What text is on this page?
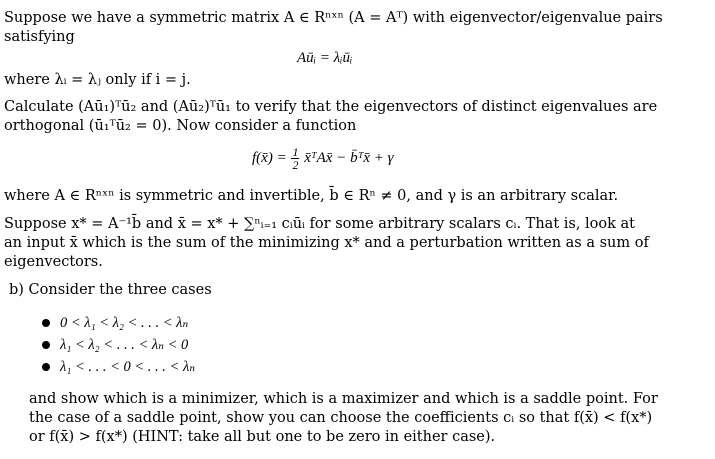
Suppose we have a symmetric matrix A ∈ Rⁿˣⁿ (A = Aᵀ) with eigenvector/eigenvalue pairs
satisfying
Aūᵢ = λᵢūᵢ
where λᵢ = λⱼ only if i = j.
Calculate (Aū₁)ᵀū₂ and (Aū₂)ᵀū₁ to verify that the eigenvectors of distinct eigenvalues are
orthogonal (ū₁ᵀū₂ = 0). Now consider a function
f(x̄) = $\frac{1}{2}$ x̄ᵀAx̄ − b̄ᵀx̄ + γ
where A ∈ Rⁿˣⁿ is symmetric and invertible, b̄ ∈ Rⁿ ≠ 0, and γ is an arbitrary scalar.
Suppose x* = A⁻¹b̄ and x̄ = x* + ∑ⁿᵢ₌₁ cᵢūᵢ for some arbitrary scalars cᵢ. That is, look at
an input x̄ which is the sum of the minimizing x* and a perturbation written as a sum of
eigenvectors.
b) Consider the three cases
0 < λ₁ < λ₂ < . . . < λₙ
λ₁ < λ₂ < . . . < λₙ < 0
λ₁ < . . . < 0 < . . . < λₙ
and show which is a minimizer, which is a maximizer and which is a saddle point. For
the case of a saddle point, show you can choose the coefficients cᵢ so that f(x̄) < f(x*)
or f(x̄) > f(x*) (HINT: take all but one to be zero in either case).
